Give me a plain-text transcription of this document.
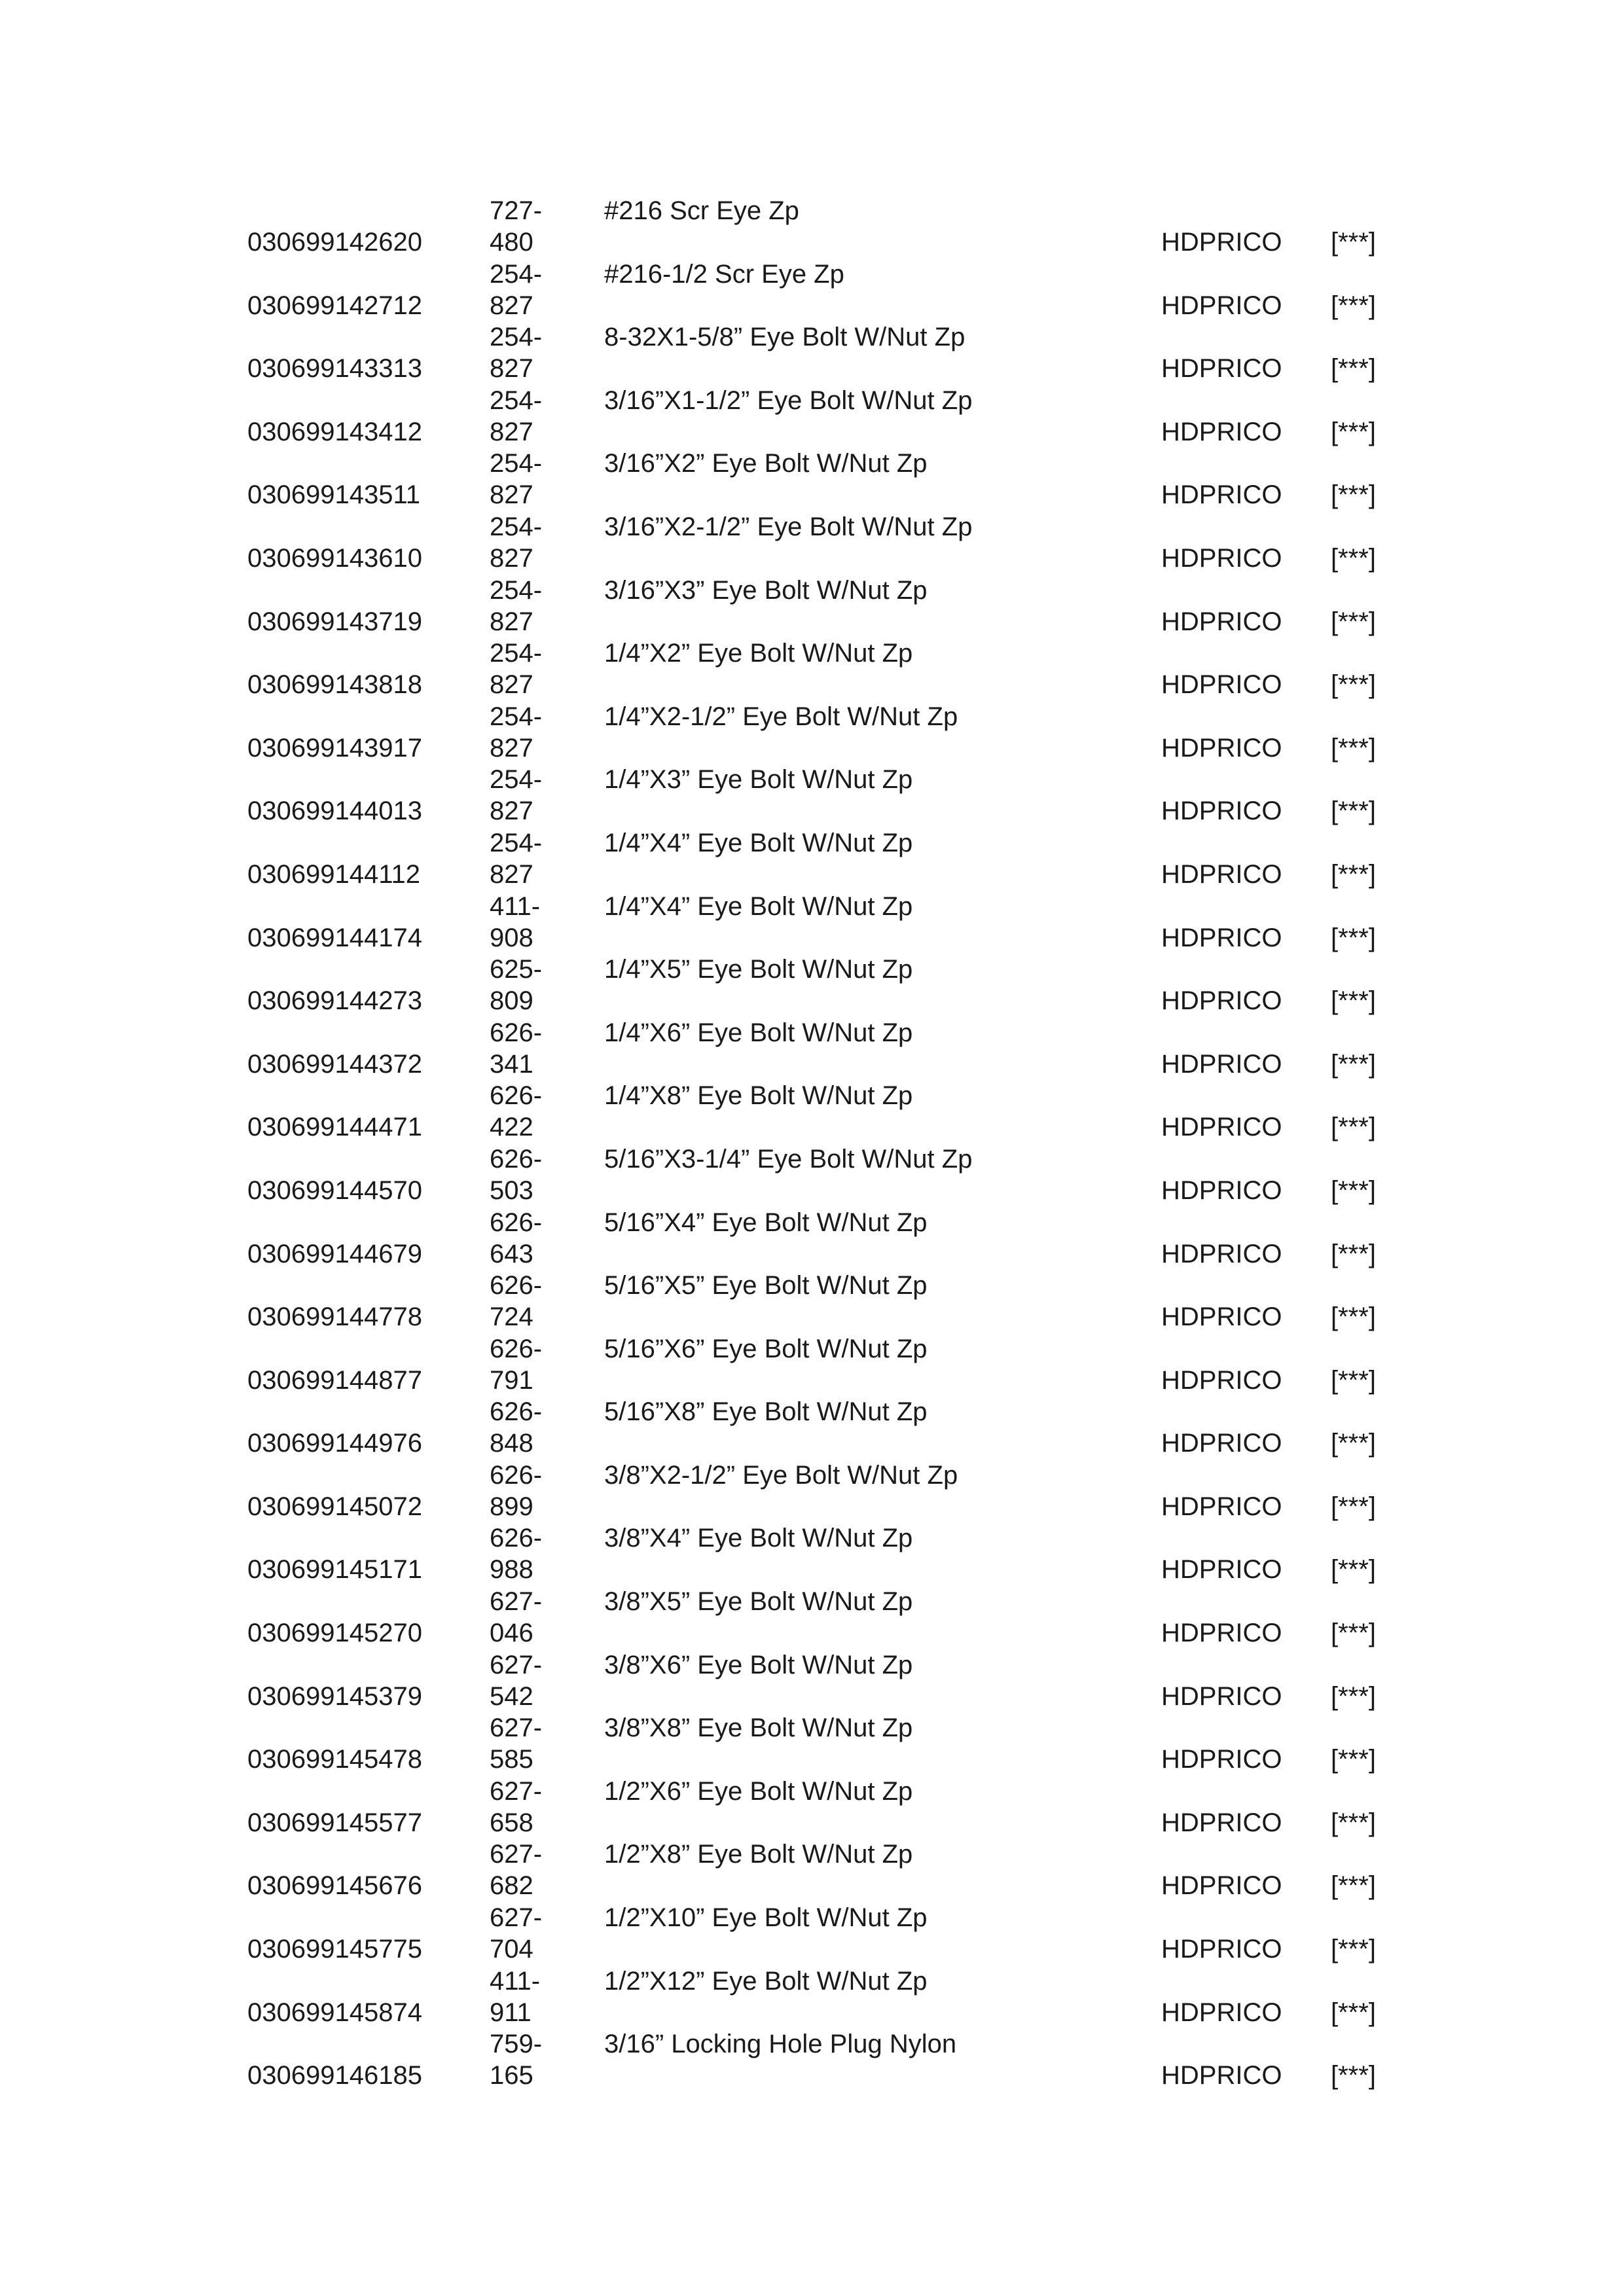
030699142620
727-
480
#216 Scr Eye Zp
HDPRICO [***]
030699142712
254-
827
#216-1/2 Scr Eye Zp
HDPRICO [***]
030699143313
254-
827
8-32X1-5/8” Eye Bolt W/Nut Zp
HDPRICO [***]
030699143412
254-
827
3/16”X1-1/2” Eye Bolt W/Nut Zp
HDPRICO [***]
030699143511
254-
827
3/16”X2” Eye Bolt W/Nut Zp
HDPRICO [***]
030699143610
254-
827
3/16”X2-1/2” Eye Bolt W/Nut Zp
HDPRICO [***]
030699143719
254-
827
3/16”X3” Eye Bolt W/Nut Zp
HDPRICO [***]
030699143818
254-
827
1/4”X2” Eye Bolt W/Nut Zp
HDPRICO [***]
030699143917
254-
827
1/4”X2-1/2” Eye Bolt W/Nut Zp
HDPRICO [***]
030699144013
254-
827
1/4”X3” Eye Bolt W/Nut Zp
HDPRICO [***]
030699144112
254-
827
1/4”X4” Eye Bolt W/Nut Zp
HDPRICO [***]
030699144174
411-
908
1/4”X4” Eye Bolt W/Nut Zp
HDPRICO [***]
030699144273
625-
809
1/4”X5” Eye Bolt W/Nut Zp
HDPRICO [***]
030699144372
626-
341
1/4”X6” Eye Bolt W/Nut Zp
HDPRICO [***]
030699144471
626-
422
1/4”X8” Eye Bolt W/Nut Zp
HDPRICO [***]
030699144570
626-
503
5/16”X3-1/4” Eye Bolt W/Nut Zp
HDPRICO [***]
030699144679
626-
643
5/16”X4” Eye Bolt W/Nut Zp
HDPRICO [***]
030699144778
626-
724
5/16”X5” Eye Bolt W/Nut Zp
HDPRICO [***]
030699144877
626-
791
5/16”X6” Eye Bolt W/Nut Zp
HDPRICO [***]
030699144976
626-
848
5/16”X8” Eye Bolt W/Nut Zp
HDPRICO [***]
030699145072
626-
899
3/8”X2-1/2” Eye Bolt W/Nut Zp
HDPRICO [***]
030699145171
626-
988
3/8”X4” Eye Bolt W/Nut Zp
HDPRICO [***]
030699145270
627-
046
3/8”X5” Eye Bolt W/Nut Zp
HDPRICO [***]
030699145379
627-
542
3/8”X6” Eye Bolt W/Nut Zp
HDPRICO [***]
030699145478
627-
585
3/8”X8” Eye Bolt W/Nut Zp
HDPRICO [***]
030699145577
627-
658
1/2”X6” Eye Bolt W/Nut Zp
HDPRICO [***]
030699145676
627-
682
1/2”X8” Eye Bolt W/Nut Zp
HDPRICO [***]
030699145775
627-
704
1/2”X10” Eye Bolt W/Nut Zp
HDPRICO [***]
030699145874
411-
911
1/2”X12” Eye Bolt W/Nut Zp
HDPRICO [***]
030699146185
759-
165
3/16” Locking Hole Plug Nylon
HDPRICO [***]
